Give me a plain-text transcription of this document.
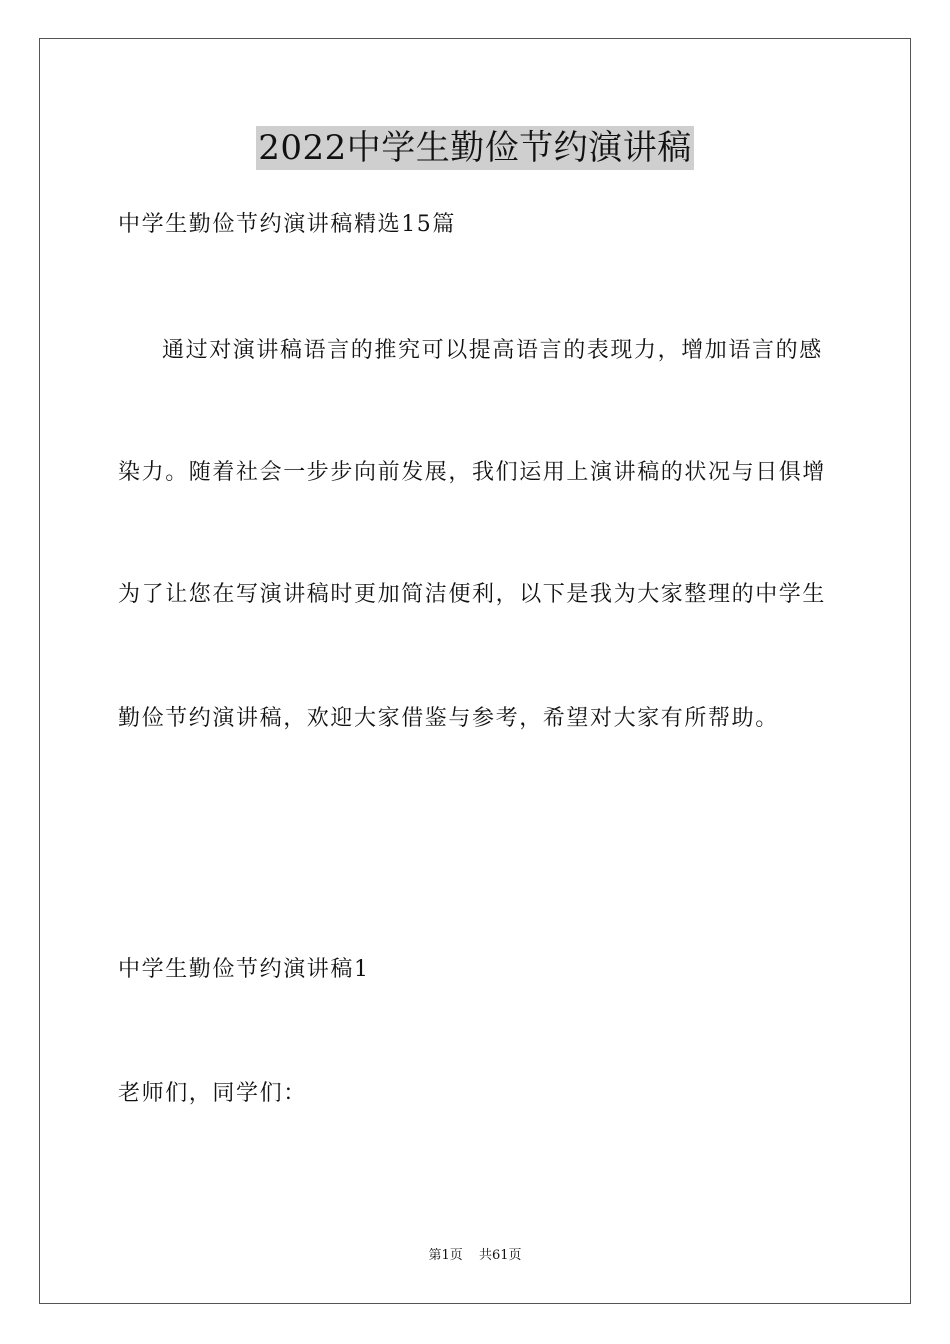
2022中学生勤俭节约演讲稿
中学生勤俭节约演讲稿精选15篇
通过对演讲稿语言的推究可以提高语言的表现力，增加语言的感
染力。随着社会一步步向前发展，我们运用上演讲稿的状况与日俱增
为了让您在写演讲稿时更加简洁便利，以下是我为大家整理的中学生
勤俭节约演讲稿，欢迎大家借鉴与参考，希望对大家有所帮助。
中学生勤俭节约演讲稿1
老师们，同学们：
第1页 共61页
